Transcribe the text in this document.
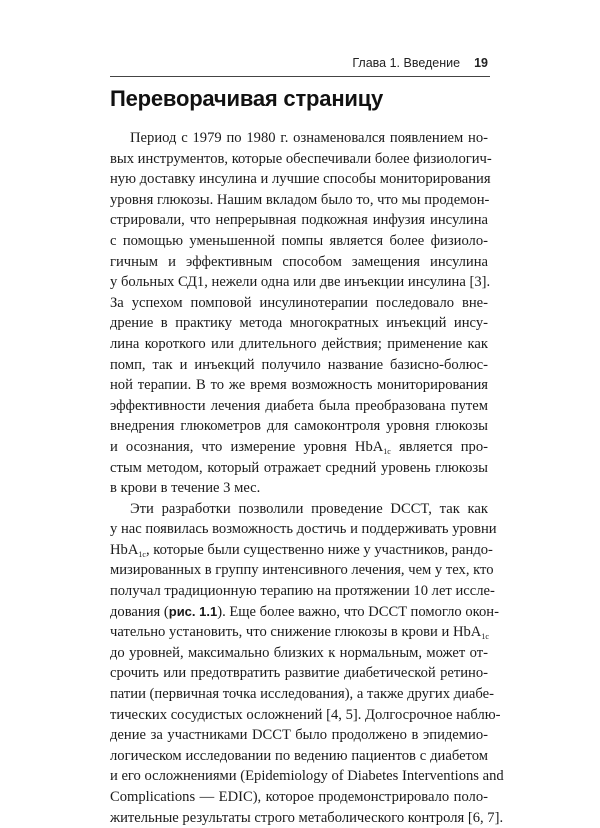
Глава 1. Введение 19
Переворачивая страницу
Период с 1979 по 1980 г. ознаменовался появлением но-
вых инструментов, которые обеспечивали более физиологич-
ную доставку инсулина и лучшие способы мониторирования
уровня глюкозы. Нашим вкладом было то, что мы продемон-
стрировали, что непрерывная подкожная инфузия инсулина
с помощью уменьшенной помпы является более физиоло-
гичным и эффективным способом замещения инсулина
у больных СД1, нежели одна или две инъекции инсулина [3].
За успехом помповой инсулинотерапии последовало вне-
дрение в практику метода многократных инъекций инсу-
лина короткого или длительного действия; применение как
помп, так и инъекций получило название базисно-болюс-
ной терапии. В то же время возможность мониторирования
эффективности лечения диабета была преобразована путем
внедрения глюкометров для самоконтроля уровня глюкозы
и осознания, что измерение уровня HbA$_{1c}$ является про-
стым методом, который отражает средний уровень глюкозы
в крови в течение 3 мес.
Эти разработки позволили проведение DCCT, так как
у нас появилась возможность достичь и поддерживать уровни
HbA$_{1c}$, которые были существенно ниже у участников, рандо-
мизированных в группу интенсивного лечения, чем у тех, кто
получал традиционную терапию на протяжении 10 лет иссле-
дования (рис. 1.1). Еще более важно, что DCCT помогло окон-
чательно установить, что снижение глюкозы в крови и HbA$_{1c}$
до уровней, максимально близких к нормальным, может от-
срочить или предотвратить развитие диабетической ретино-
патии (первичная точка исследования), а также других диабе-
тических сосудистых осложнений [4, 5]. Долгосрочное наблю-
дение за участниками DCCT было продолжено в эпидемио-
логическом исследовании по ведению пациентов с диабетом
и его осложнениями (Epidemiology of Diabetes Interventions and
Complications — EDIC), которое продемонстрировало поло-
жительные результаты строго метаболического контроля [6, 7].
